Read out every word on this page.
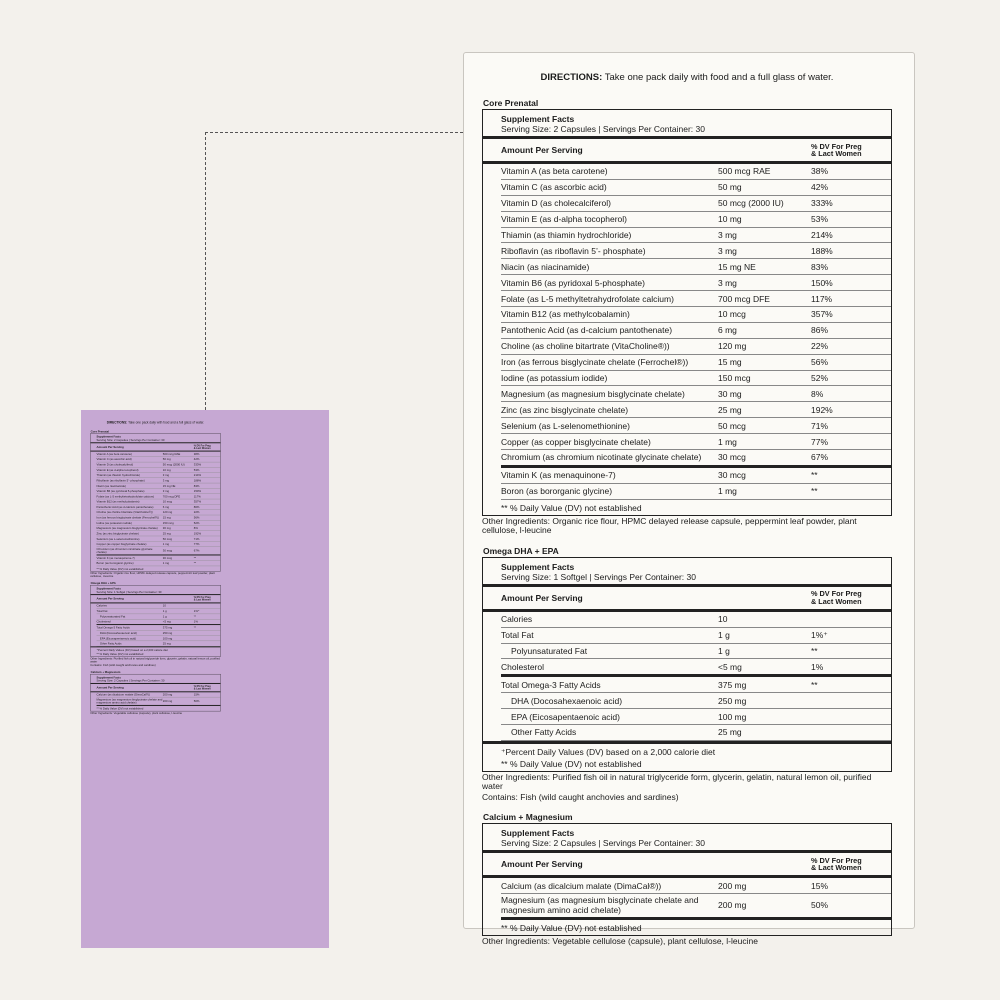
DIRECTIONS: Take one pack daily with food and a full glass of water.
Core Prenatal
Supplement Facts
Serving Size: 2 Capsules | Servings Per Container: 30
Amount Per Serving	% DV For Preg
& Lact Women
Vitamin A (as beta carotene)	500 mcg RAE	38%
Vitamin C (as ascorbic acid)	50 mg	42%
Vitamin D (as cholecalciferol)	50 mcg (2000 IU)	333%
Vitamin E (as d-alpha tocopherol)	10 mg	53%
Thiamin (as thiamin hydrochloride)	3 mg	214%
Riboflavin (as riboflavin 5’- phosphate)	3 mg	188%
Niacin (as niacinamide)	15 mg NE	83%
Vitamin B6 (as pyridoxal 5-phosphate)	3 mg	150%
Folate (as L-5 methyltetrahydrofolate calcium)	700 mcg DFE	117%
Vitamin B12 (as methylcobalamin)	10 mcg	357%
Pantothenic Acid (as d-calcium pantothenate)	6 mg	86%
Choline (as choline bitartrate (VitaCholine®))	120 mg	22%
Iron (as ferrous bisglycinate chelate (Ferrochel®)) 15 mg	56%
Iodine (as potassium iodide)	150 mcg	52%
Magnesium (as magnesium bisglycinate chelate) 30 mg	8%
Zinc (as zinc bisglycinate chelate)	25 mg	192%
Selenium (as L-selenomethionine)	50 mcg	71%
Copper (as copper bisglycinate chelate)	1 mg	77%
Chromium (as chromium nicotinate glycinate chelate)	30 mcg	67%
Vitamin K (as menaquinone-7)	30 mcg	**
Boron (as bororganic glycine)	1 mg	**
** % Daily Value (DV) not established
Other Ingredients: Organic rice flour, HPMC delayed release capsule, peppermint leaf powder, plant cellulose, l-leucine
Omega DHA + EPA
Supplement Facts
Serving Size: 1 Softgel | Servings Per Container: 30
Amount Per Serving	% DV For Preg
& Lact Women
Calories	10
Total Fat	1 g	1%⁺
Polyunsaturated Fat	1 g	**
Cholesterol	<5 mg	1%
Total Omega-3 Fatty Acids	375 mg	**
DHA (Docosahexaenoic acid)	250 mg
EPA (Eicosapentaenoic acid)	100 mg
Other Fatty Acids	25 mg
⁺Percent Daily Values (DV) based on a 2,000 calorie diet
** % Daily Value (DV) not established
Other Ingredients: Purified fish oil in natural triglyceride form, glycerin, gelatin, natural lemon oil, purified water
Contains: Fish (wild caught anchovies and sardines)
Calcium + Magnesium
Supplement Facts
Serving Size: 2 Capsules | Servings Per Container: 30
Amount Per Serving	% DV For Preg
& Lact Women
Calcium (as dicalcium malate (DimaCal®))	200 mg	15%
Magnesium (as magnesium bisglycinate chelate and magnesium amino acid chelate)	200 mg	50%
** % Daily Value (DV) not established
Other Ingredients: Vegetable cellulose (capsule), plant cellulose, l-leucine
DIRECTIONS: Take one pack daily with food and a full glass of water.
Core Prenatal
Supplement Facts
Serving Size: 2 Capsules | Servings Per Container: 30
Amount Per Serving	% DV For Preg
& Lact Women
Vitamin A (as beta carotene)	500 mcg RAE	38%
Vitamin C (as ascorbic acid)	50 mg	42%
Vitamin D (as cholecalciferol)	50 mcg (2000 IU)	333%
Vitamin E (as d-alpha tocopherol)	10 mg	53%
Thiamin (as thiamin hydrochloride)	3 mg	214%
Riboflavin (as riboflavin 5’- phosphate)	3 mg	188%
Niacin (as niacinamide)	15 mg NE	83%
Vitamin B6 (as pyridoxal 5-phosphate)	3 mg	150%
Folate (as L-5 methyltetrahydrofolate calcium)	700 mcg DFE	117%
Vitamin B12 (as methylcobalamin)	10 mcg	357%
Pantothenic Acid (as d-calcium pantothenate)	6 mg	86%
Choline (as choline bitartrate (VitaCholine®))	120 mg	22%
Iron (as ferrous bisglycinate chelate (Ferrochel®))	15 mg	56%
Iodine (as potassium iodide)	150 mcg	52%
Magnesium (as magnesium bisglycinate chelate)	30 mg	8%
Zinc (as zinc bisglycinate chelate)	25 mg	192%
Selenium (as L-selenomethionine)	50 mcg	71%
Copper (as copper bisglycinate chelate)	1 mg	77%
Chromium (as chromium nicotinate glycinate chelate)	30 mcg	67%
Vitamin K (as menaquinone-7)	30 mcg	**
Boron (as bororganic glycine)	1 mg	**
** % Daily Value (DV) not established
Other Ingredients: Organic rice flour, HPMC delayed release capsule, peppermint leaf powder, plant cellulose, l-leucine
Omega DHA + EPA
Supplement Facts
Serving Size: 1 Softgel | Servings Per Container: 30
Amount Per Serving	% DV For Preg
& Lact Women
Calories	10
Total Fat	1 g	1%⁺
Polyunsaturated Fat	1 g	**
Cholesterol	<5 mg	1%
Total Omega-3 Fatty Acids	375 mg	**
DHA (Docosahexaenoic acid)	250 mg
EPA (Eicosapentaenoic acid)	100 mg
Other Fatty Acids	25 mg
⁺Percent Daily Values (DV) based on a 2,000 calorie diet
** % Daily Value (DV) not established
Other Ingredients: Purified fish oil in natural triglyceride form, glycerin, gelatin, natural lemon oil, purified water
Contains: Fish (wild caught anchovies and sardines)
Calcium + Magnesium
Supplement Facts
Serving Size: 2 Capsules | Servings Per Container: 30
Amount Per Serving	% DV For Preg
& Lact Women
Calcium (as dicalcium malate (DimaCal®))	200 mg	15%
Magnesium (as magnesium bisglycinate chelate and magnesium amino acid chelate)	200 mg	50%
** % Daily Value (DV) not established
Other Ingredients: Vegetable cellulose (capsule), plant cellulose, l-leucine
